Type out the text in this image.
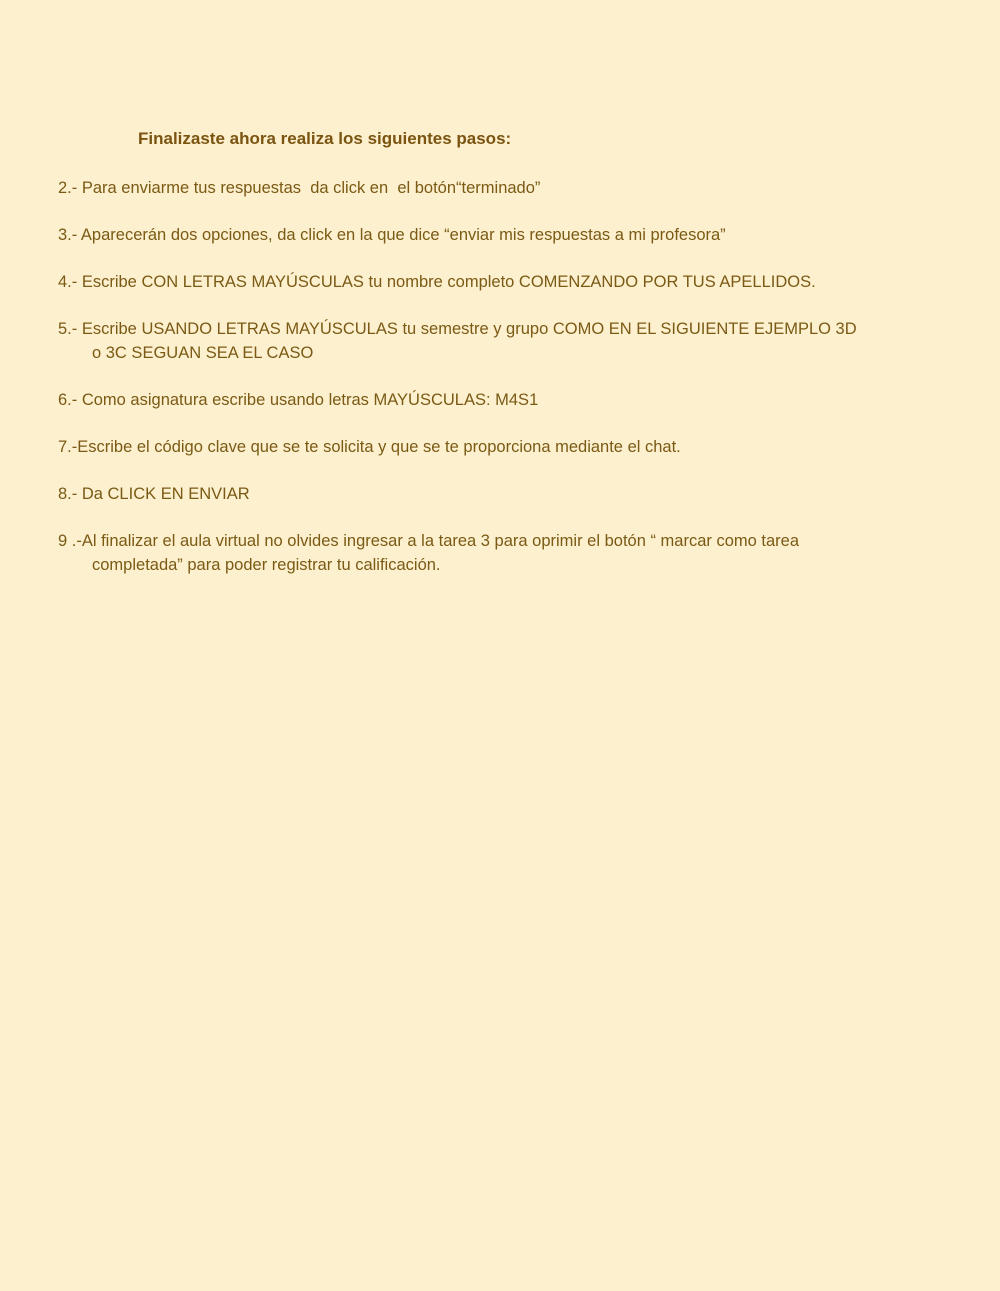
Finalizaste ahora realiza los siguientes pasos:
2.- Para enviarme tus respuestas  da click en  el botón“terminado”
3.- Aparecerán dos opciones, da click en la que dice “enviar mis respuestas a mi profesora”
4.- Escribe CON LETRAS MAYÚSCULAS tu nombre completo COMENZANDO POR TUS APELLIDOS.
5.- Escribe USANDO LETRAS MAYÚSCULAS tu semestre y grupo COMO EN EL SIGUIENTE EJEMPLO 3D o 3C SEGUAN SEA EL CASO
6.- Como asignatura escribe usando letras MAYÚSCULAS: M4S1
7.-Escribe el código clave que se te solicita y que se te proporciona mediante el chat.
8.- Da CLICK EN ENVIAR
9 .-Al finalizar el aula virtual no olvides ingresar a la tarea 3 para oprimir el botón “ marcar como tarea completada” para poder registrar tu calificación.
